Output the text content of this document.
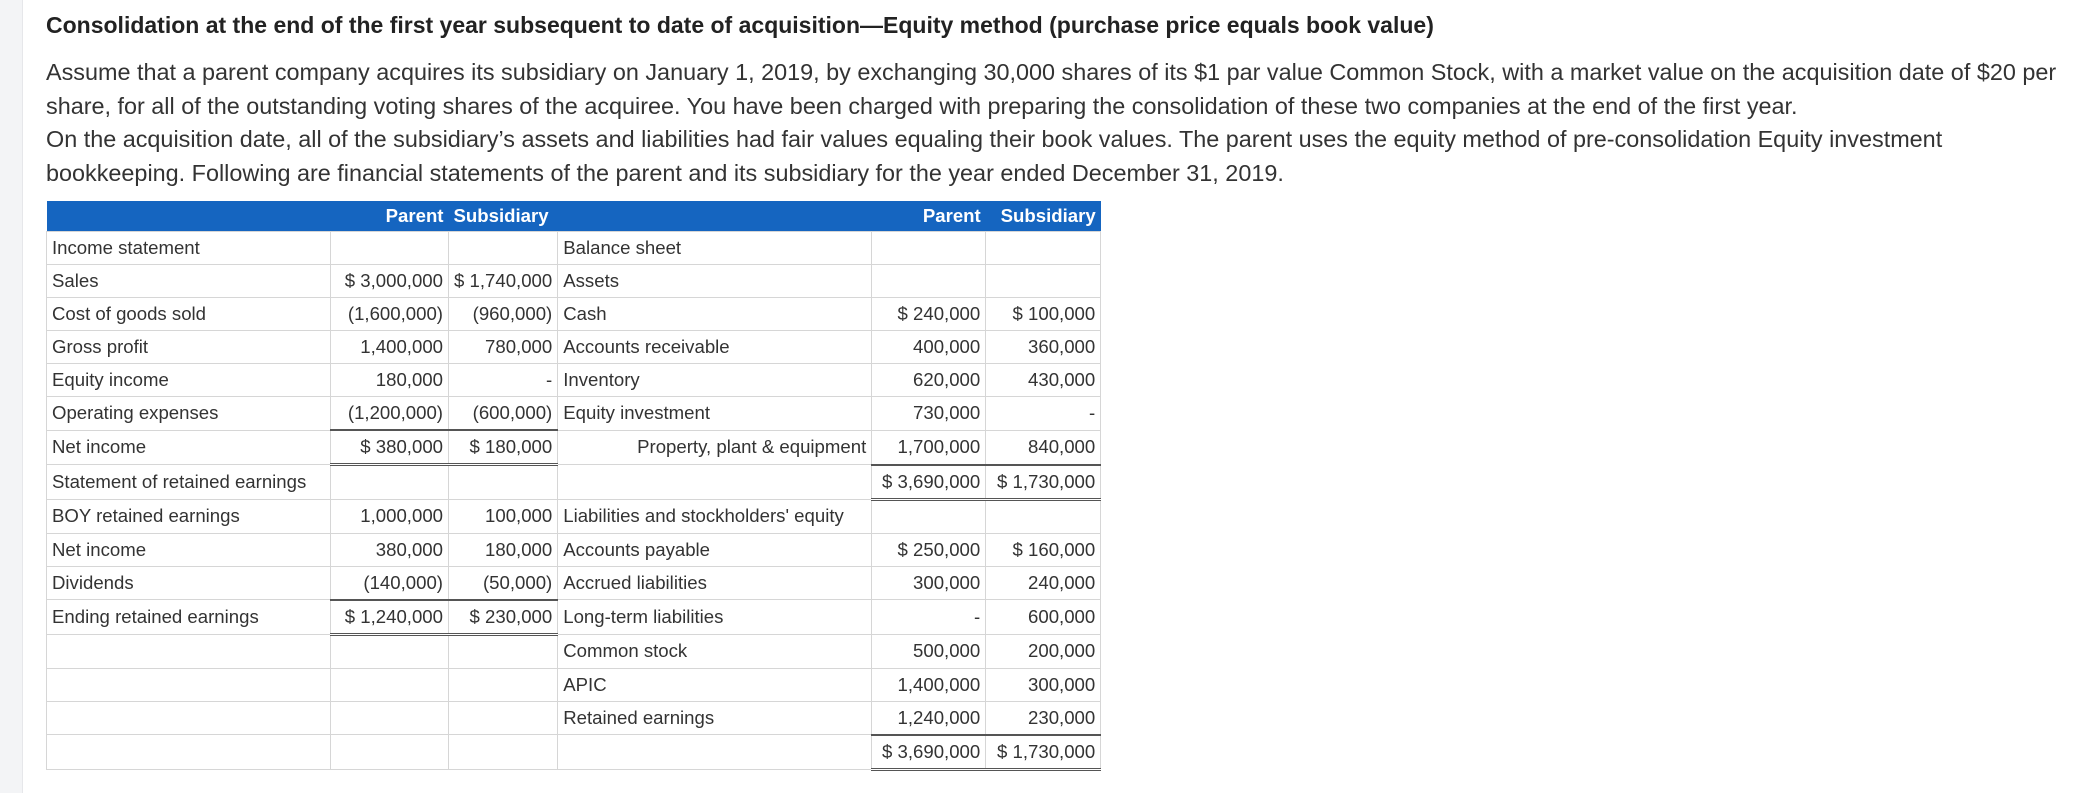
Consolidation at the end of the first year subsequent to date of acquisition—Equity method (purchase price equals book value)

Assume that a parent company acquires its subsidiary on January 1, 2019, by exchanging 30,000 shares of its $1 par value Common Stock, with a market value on the acquisition date of $20 per share, for all of the outstanding voting shares of the acquiree. You have been charged with preparing the consolidation of these two companies at the end of the first year.

On the acquisition date, all of the subsidiary’s assets and liabilities had fair values equaling their book values. The parent uses the equity method of pre-consolidation Equity investment bookkeeping. Following are financial statements of the parent and its subsidiary for the year ended December 31, 2019.

	Parent	Subsidiary		Parent	Subsidiary
Income statement			Balance sheet		
Sales	$ 3,000,000	$ 1,740,000	Assets		
Cost of goods sold	(1,600,000)	(960,000)	Cash	$ 240,000	$ 100,000
Gross profit	1,400,000	780,000	Accounts receivable	400,000	360,000
Equity income	180,000	-	Inventory	620,000	430,000
Operating expenses	(1,200,000)	(600,000)	Equity investment	730,000	-
Net income	$ 380,000	$ 180,000	Property, plant & equipment	1,700,000	840,000
Statement of retained earnings				$ 3,690,000	$ 1,730,000
BOY retained earnings	1,000,000	100,000	Liabilities and stockholders' equity		
Net income	380,000	180,000	Accounts payable	$ 250,000	$ 160,000
Dividends	(140,000)	(50,000)	Accrued liabilities	300,000	240,000
Ending retained earnings	$ 1,240,000	$ 230,000	Long-term liabilities	-	600,000
			Common stock	500,000	200,000
			APIC	1,400,000	300,000
			Retained earnings	1,240,000	230,000
				$ 3,690,000	$ 1,730,000
